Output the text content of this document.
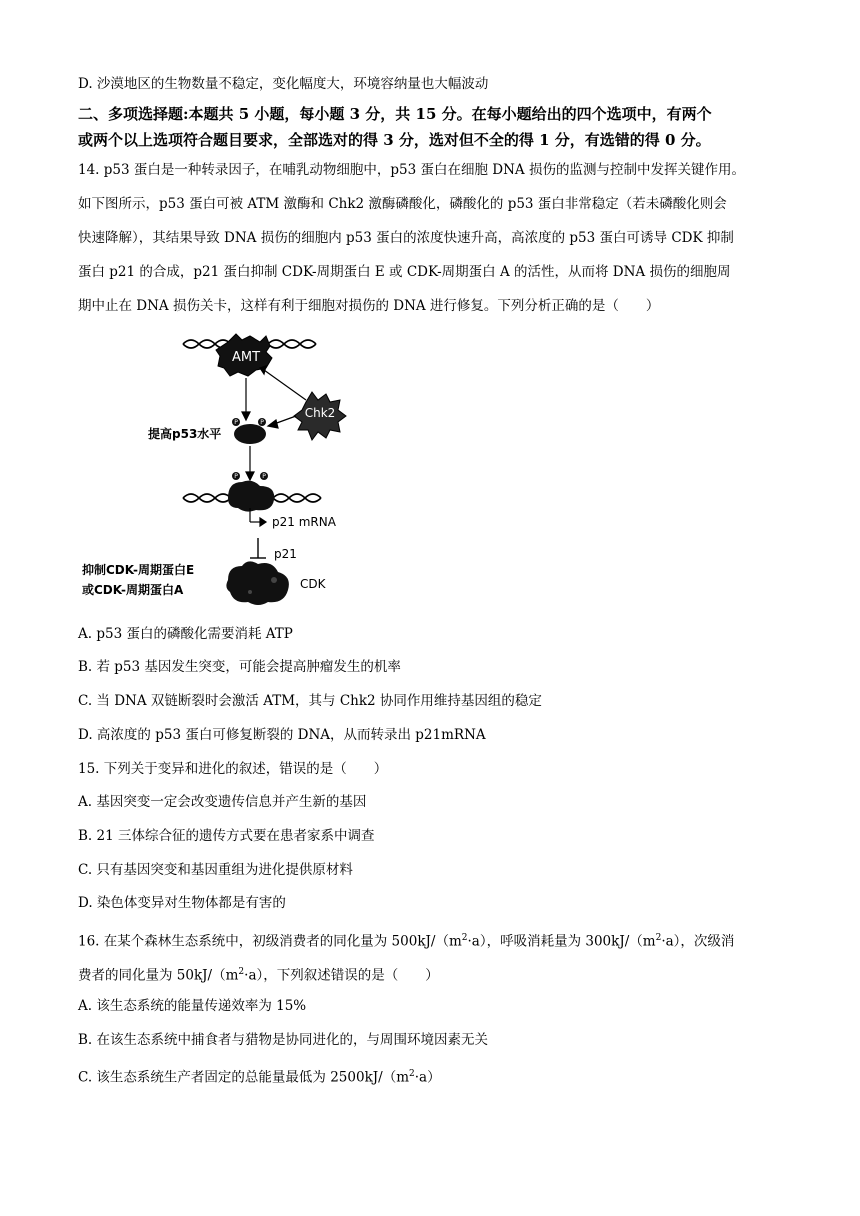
D. 沙漠地区的生物数量不稳定，变化幅度大，环境容纳量也大幅波动
二、多项选择题:本题共 5 小题，每小题 3 分，共 15 分。在每小题给出的四个选项中，有两个
或两个以上选项符合题目要求，全部选对的得 3 分，选对但不全的得 1 分，有选错的得 0 分。
14. p53 蛋白是一种转录因子，在哺乳动物细胞中，p53 蛋白在细胞 DNA 损伤的监测与控制中发挥关键作用。
如下图所示，p53 蛋白可被 ATM 激酶和 Chk2 激酶磷酸化，磷酸化的 p53 蛋白非常稳定（若未磷酸化则会
快速降解），其结果导致 DNA 损伤的细胞内 p53 蛋白的浓度快速升高，高浓度的 p53 蛋白可诱导 CDK 抑制
蛋白 p21 的合成，p21 蛋白抑制 CDK-周期蛋白 E 或 CDK-周期蛋白 A 的活性，从而将 DNA 损伤的细胞周
期中止在 DNA 损伤关卡，这样有利于细胞对损伤的 DNA 进行修复。下列分析正确的是（　　）
AMT
Chk2
P	P
提高p53水平
P	P
p21 mRNA
p21
抑制CDK-周期蛋白E
或CDK-周期蛋白A	CDK
A. p53 蛋白的磷酸化需要消耗 ATP
B. 若 p53 基因发生突变，可能会提高肿瘤发生的机率
C. 当 DNA 双链断裂时会激活 ATM，其与 Chk2 协同作用维持基因组的稳定
D. 高浓度的 p53 蛋白可修复断裂的 DNA，从而转录出 p21mRNA
15. 下列关于变异和进化的叙述，错误的是（　　）
A. 基因突变一定会改变遗传信息并产生新的基因
B. 21 三体综合征的遗传方式要在患者家系中调查
C. 只有基因突变和基因重组为进化提供原材料
D. 染色体变异对生物体都是有害的
16. 在某个森林生态系统中，初级消费者的同化量为 $500kJ/(m^2\cdot a)$，呼吸消耗量为 $300kJ/(m^2\cdot a)$，次级消
费者的同化量为 $50kJ/(m^2\cdot a)$，下列叙述错误的是（　　）
A. 该生态系统的能量传递效率为 15%
B. 在该生态系统中捕食者与猎物是协同进化的，与周围环境因素无关
C. 该生态系统生产者固定的总能量最低为 $2500kJ/(m^2\cdot a)$
